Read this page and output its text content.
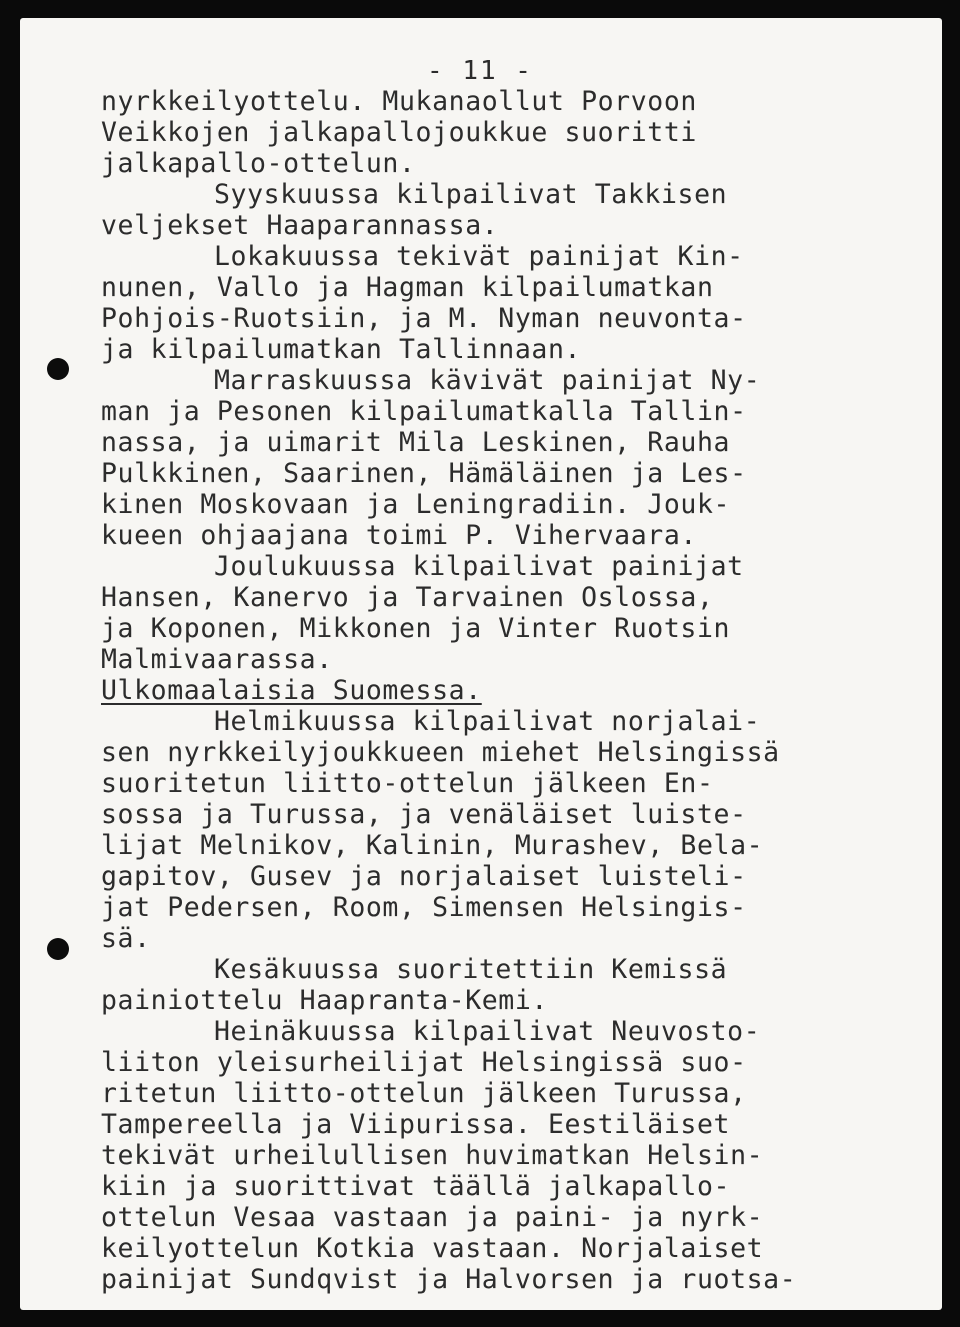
- 11 -
nyrkkeilyottelu. Mukanaollut Porvoon
Veikkojen jalkapallojoukkue suoritti
jalkapallo-ottelun.
Syyskuussa kilpailivat Takkisen
veljekset Haaparannassa.
Lokakuussa tekivät painijat Kin-
nunen, Vallo ja Hagman kilpailumatkan
Pohjois-Ruotsiin, ja M. Nyman neuvonta-
ja kilpailumatkan Tallinnaan.
Marraskuussa kävivät painijat Ny-
man ja Pesonen kilpailumatkalla Tallin-
nassa, ja uimarit Mila Leskinen, Rauha
Pulkkinen, Saarinen, Hämäläinen ja Les-
kinen Moskovaan ja Leningradiin. Jouk-
kueen ohjaajana toimi P. Vihervaara.
Joulukuussa kilpailivat painijat
Hansen, Kanervo ja Tarvainen Oslossa,
ja Koponen, Mikkonen ja Vinter Ruotsin
Malmivaarassa.
Ulkomaalaisia Suomessa.
Helmikuussa kilpailivat norjalai-
sen nyrkkeilyjoukkueen miehet Helsingissä
suoritetun liitto-ottelun jälkeen En-
sossa ja Turussa, ja venäläiset luiste-
lijat Melnikov, Kalinin, Murashev, Bela-
gapitov, Gusev ja norjalaiset luisteli-
jat Pedersen, Room, Simensen Helsingis-
sä.
Kesäkuussa suoritettiin Kemissä
painiottelu Haapranta-Kemi.
Heinäkuussa kilpailivat Neuvosto-
liiton yleisurheilijat Helsingissä suo-
ritetun liitto-ottelun jälkeen Turussa,
Tampereella ja Viipurissa. Eestiläiset
tekivät urheilullisen huvimatkan Helsin-
kiin ja suorittivat täällä jalkapallo-
ottelun Vesaa vastaan ja paini- ja nyrk-
keilyottelun Kotkia vastaan. Norjalaiset
painijat Sundqvist ja Halvorsen ja ruotsa-
